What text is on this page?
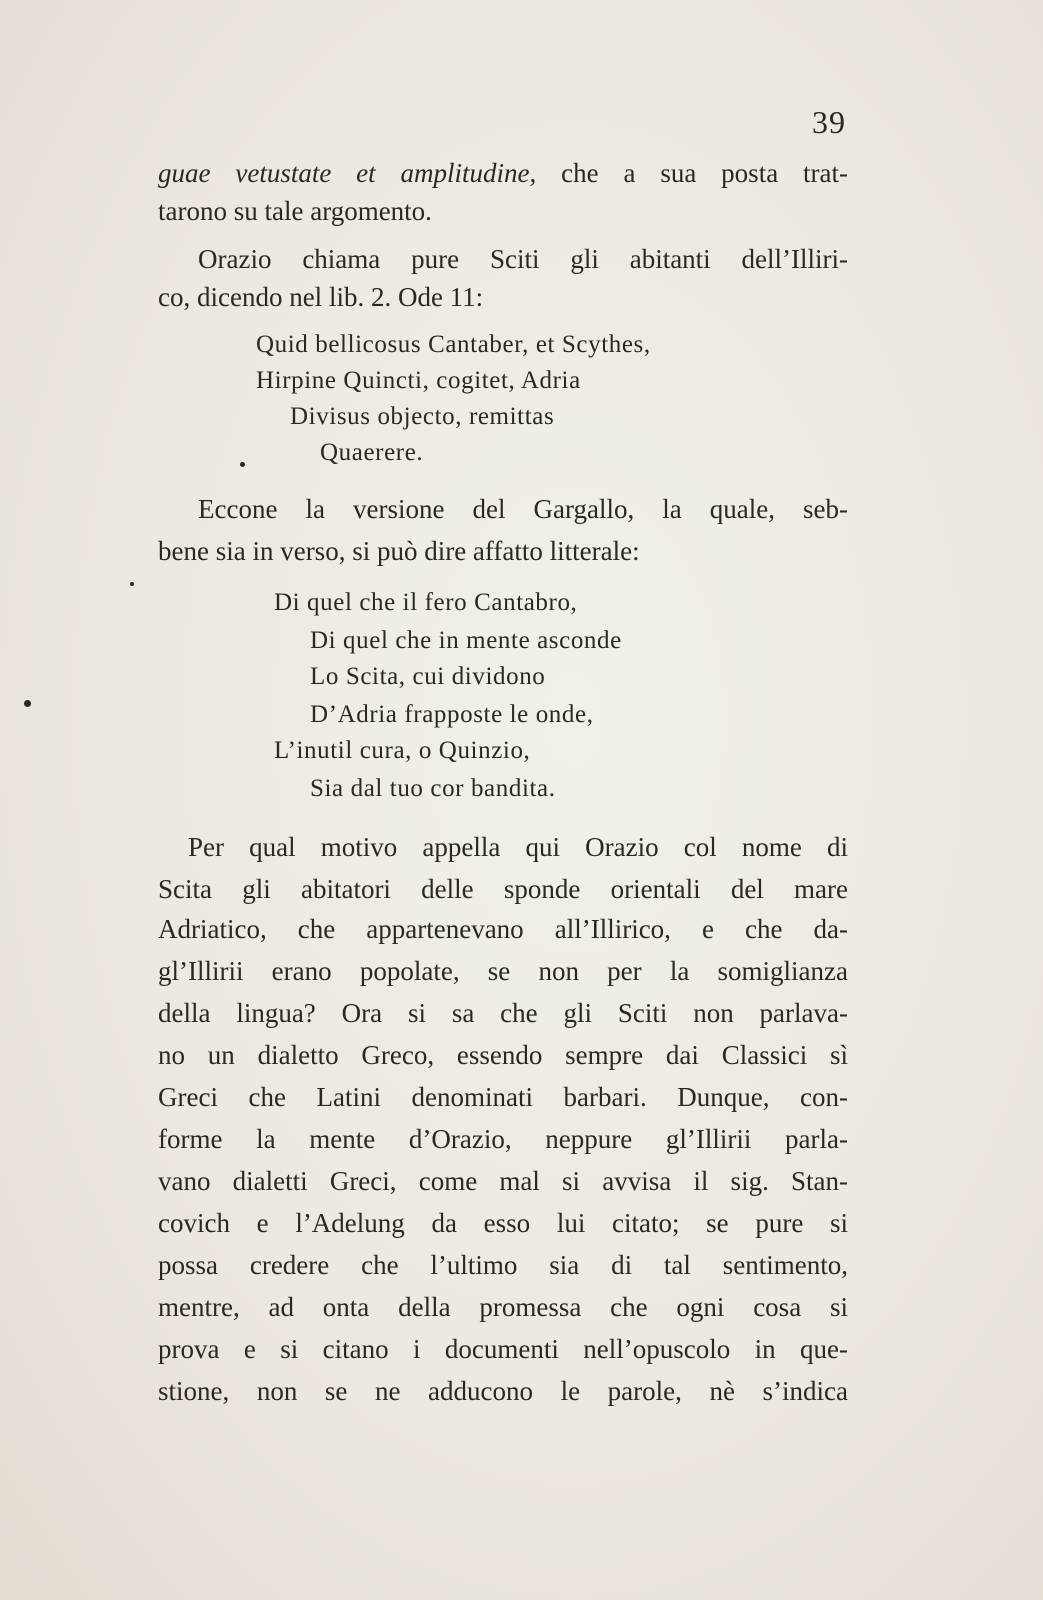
39
guae vetustate et amplitudine, che a sua posta trat-
tarono su tale argomento.
Orazio chiama pure Sciti gli abitanti dell’Illiri-
co, dicendo nel lib. 2. Ode 11:
Quid bellicosus Cantaber, et Scythes,
Hirpine Quincti, cogitet, Adria
Divisus objecto, remittas
Quaerere.
Eccone la versione del Gargallo, la quale, seb-
bene sia in verso, si può dire affatto litterale:
Di quel che il fero Cantabro,
Di quel che in mente asconde
Lo Scita, cui dividono
D’Adria frapposte le onde,
L’inutil cura, o Quinzio,
Sia dal tuo cor bandita.
Per qual motivo appella qui Orazio col nome di
Scita gli abitatori delle sponde orientali del mare
Adriatico, che appartenevano all’Illirico, e che da-
gl’Illirii erano popolate, se non per la somiglianza
della lingua? Ora si sa che gli Sciti non parlava-
no un dialetto Greco, essendo sempre dai Classici sì
Greci che Latini denominati barbari. Dunque, con-
forme la mente d’Orazio, neppure gl’Illirii parla-
vano dialetti Greci, come mal si avvisa il sig. Stan-
covich e l’Adelung da esso lui citato; se pure si
possa credere che l’ultimo sia di tal sentimento,
mentre, ad onta della promessa che ogni cosa si
prova e si citano i documenti nell’opuscolo in que-
stione, non se ne adducono le parole, nè s’indica
